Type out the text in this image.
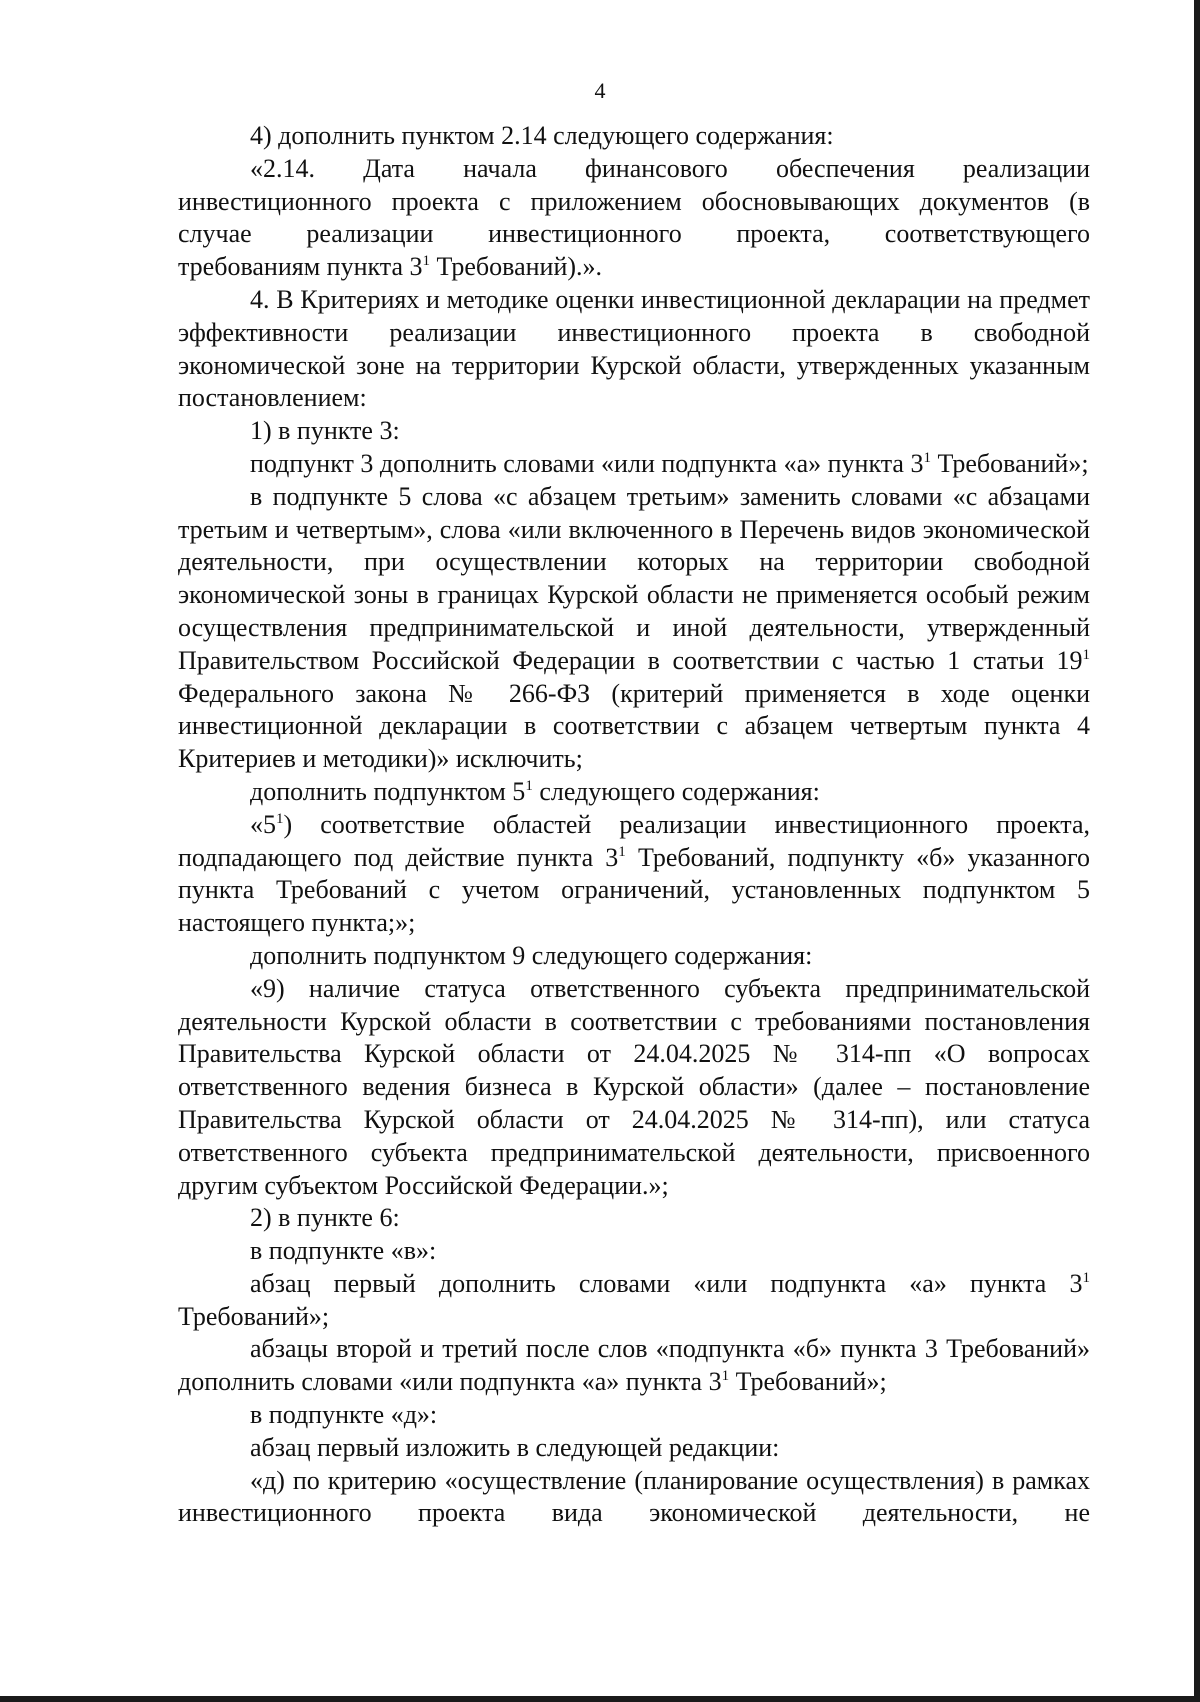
4

4) дополнить пунктом 2.14 следующего содержания:

«2.14. Дата начала финансового обеспечения реализации
инвестиционного проекта с приложением обосновывающих документов (в
случае реализации инвестиционного проекта, соответствующего
требованиям пункта $3^1$ Требований).».

4. В Критериях и методике оценки инвестиционной декларации на предмет эффективности реализации инвестиционного проекта в свободной экономической зоне на территории Курской области, утвержденных указанным постановлением:

1) в пункте 3:

подпункт 3 дополнить словами «или подпункта «а» пункта $3^1$ Требований»;

в подпункте 5 слова «с абзацем третьим» заменить словами «с абзацами третьим и четвертым», слова «или включенного в Перечень видов экономической деятельности, при осуществлении которых на территории свободной экономической зоны в границах Курской области не применяется особый режим осуществления предпринимательской и иной деятельности, утвержденный Правительством Российской Федерации в соответствии с частью 1 статьи $19^1$ Федерального закона № 266-ФЗ (критерий применяется в ходе оценки инвестиционной декларации в соответствии с абзацем четвертым пункта 4 Критериев и методики)» исключить;

дополнить подпунктом $5^1$ следующего содержания:

«$5^1$) соответствие областей реализации инвестиционного проекта, подпадающего под действие пункта $3^1$ Требований, подпункту «б» указанного пункта Требований с учетом ограничений, установленных подпунктом 5 настоящего пункта;»;

дополнить подпунктом 9 следующего содержания:

«9) наличие статуса ответственного субъекта предпринимательской деятельности Курской области в соответствии с требованиями постановления Правительства Курской области от 24.04.2025 № 314-пп «О вопросах ответственного ведения бизнеса в Курской области» (далее – постановление Правительства Курской области от 24.04.2025 № 314-пп), или статуса ответственного субъекта предпринимательской деятельности, присвоенного другим субъектом Российской Федерации.»;

2) в пункте 6:

в подпункте «в»:

абзац первый дополнить словами «или подпункта «а» пункта $3^1$ Требований»;

абзацы второй и третий после слов «подпункта «б» пункта 3 Требований» дополнить словами «или подпункта «а» пункта $3^1$ Требований»;

в подпункте «д»:

абзац первый изложить в следующей редакции:

«д) по критерию «осуществление (планирование осуществления) в рамках инвестиционного проекта вида экономической деятельности, не
